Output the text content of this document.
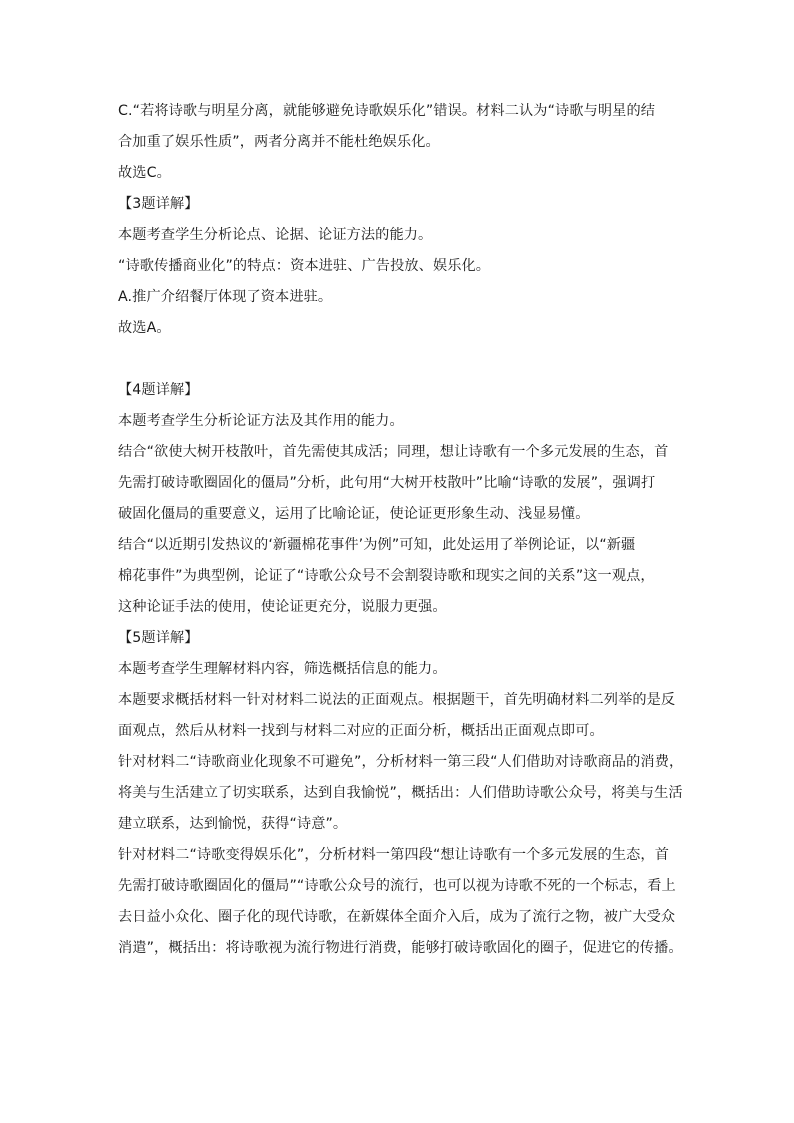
C.“若将诗歌与明星分离，就能够避免诗歌娱乐化”错误。材料二认为“诗歌与明星的结
合加重了娱乐性质”，两者分离并不能杜绝娱乐化。
故选C。
【3题详解】
本题考查学生分析论点、论据、论证方法的能力。
“诗歌传播商业化”的特点：资本进驻、广告投放、娱乐化。
A.推广介绍餐厅体现了资本进驻。
故选A。
【4题详解】
本题考查学生分析论证方法及其作用的能力。
结合“欲使大树开枝散叶，首先需使其成活；同理，想让诗歌有一个多元发展的生态，首
先需打破诗歌圈固化的僵局”分析，此句用“大树开枝散叶”比喻“诗歌的发展”，强调打
破固化僵局的重要意义，运用了比喻论证，使论证更形象生动、浅显易懂。
结合“以近期引发热议的‘新疆棉花事件’为例”可知，此处运用了举例论证，以“新疆
棉花事件”为典型例，论证了“诗歌公众号不会割裂诗歌和现实之间的关系”这一观点，
这种论证手法的使用，使论证更充分，说服力更强。
【5题详解】
本题考查学生理解材料内容，筛选概括信息的能力。
本题要求概括材料一针对材料二说法的正面观点。根据题干，首先明确材料二列举的是反
面观点，然后从材料一找到与材料二对应的正面分析，概括出正面观点即可。
针对材料二“诗歌商业化现象不可避免”，分析材料一第三段“人们借助对诗歌商品的消费，
将美与生活建立了切实联系，达到自我愉悦”，概括出：人们借助诗歌公众号，将美与生活
建立联系，达到愉悦，获得“诗意”。
针对材料二“诗歌变得娱乐化”，分析材料一第四段“想让诗歌有一个多元发展的生态，首
先需打破诗歌圈固化的僵局”“诗歌公众号的流行，也可以视为诗歌不死的一个标志，看上
去日益小众化、圈子化的现代诗歌，在新媒体全面介入后，成为了流行之物，被广大受众
消遣”，概括出：将诗歌视为流行物进行消费，能够打破诗歌固化的圈子，促进它的传播。
